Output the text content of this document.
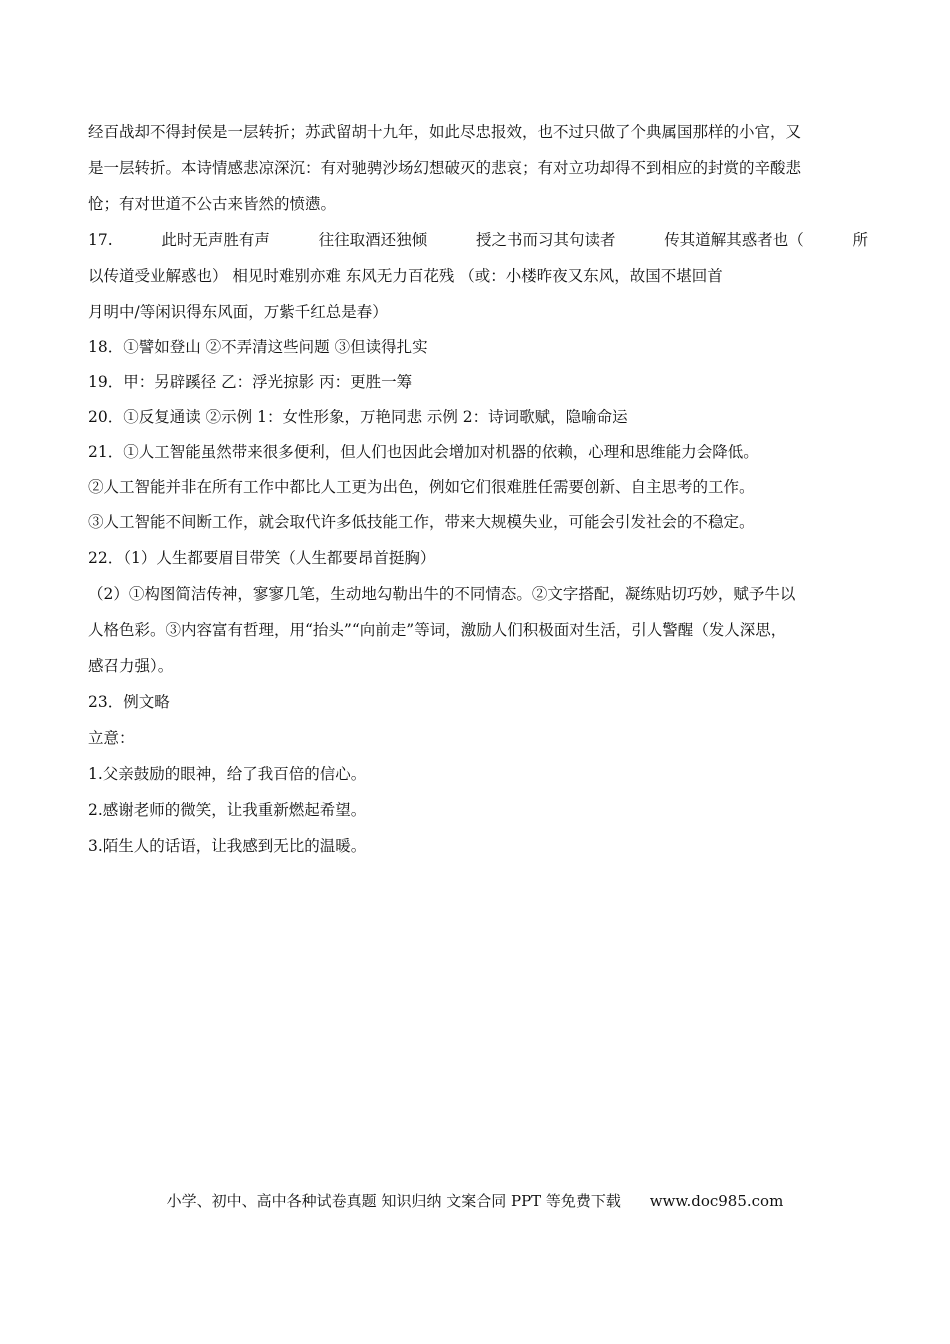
经百战却不得封侯是一层转折；苏武留胡十九年，如此尽忠报效，也不过只做了个典属国那样的小官，又
是一层转折。本诗情感悲凉深沉：有对驰骋沙场幻想破灭的悲哀；有对立功却得不到相应的封赏的辛酸悲
怆；有对世道不公古来皆然的愤懑。
17.	此时无声胜有声	往往取酒还独倾	授之书而习其句读者	传其道解其惑者也（	所
以传道受业解惑也） 相见时难别亦难 东风无力百花残 （或：小楼昨夜又东风，故国不堪回首
月明中/等闲识得东风面，万紫千红总是春）
18．①譬如登山 ②不弄清这些问题 ③但读得扎实
19．甲：另辟蹊径 乙：浮光掠影 丙：更胜一筹
20．①反复通读 ②示例 1：女性形象，万艳同悲 示例 2：诗词歌赋，隐喻命运
21．①人工智能虽然带来很多便利，但人们也因此会增加对机器的依赖，心理和思维能力会降低。
②人工智能并非在所有工作中都比人工更为出色，例如它们很难胜任需要创新、自主思考的工作。
③人工智能不间断工作，就会取代许多低技能工作，带来大规模失业，可能会引发社会的不稳定。
22．（1）人生都要眉目带笑（人生都要昂首挺胸）
（2）①构图简洁传神，寥寥几笔，生动地勾勒出牛的不同情态。②文字搭配，凝练贴切巧妙，赋予牛以
人格色彩。③内容富有哲理，用“抬头”“向前走”等词，激励人们积极面对生活，引人警醒（发人深思，
感召力强）。
23．例文略
立意：
1.父亲鼓励的眼神，给了我百倍的信心。
2.感谢老师的微笑，让我重新燃起希望。
3.陌生人的话语，让我感到无比的温暖。
小学、初中、高中各种试卷真题 知识归纳 文案合同 PPT 等免费下载 www.doc985.com
